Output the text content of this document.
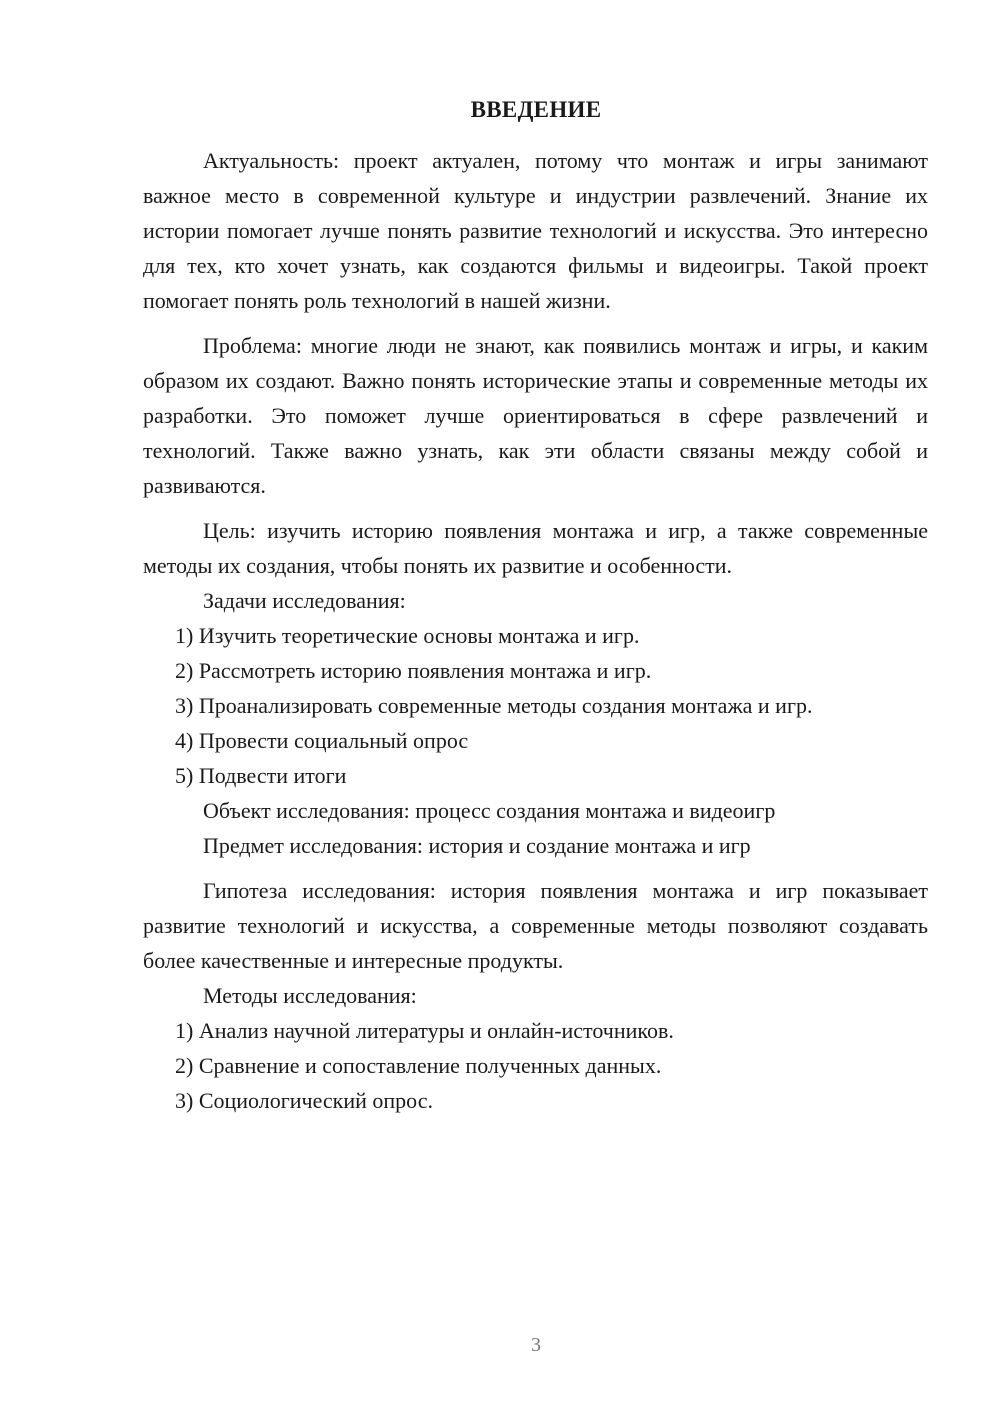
ВВЕДЕНИЕ

Актуальность: проект актуален, потому что монтаж и игры занимают важное место в современной культуре и индустрии развлечений. Знание их истории помогает лучше понять развитие технологий и искусства. Это интересно для тех, кто хочет узнать, как создаются фильмы и видеоигры. Такой проект помогает понять роль технологий в нашей жизни.

Проблема: многие люди не знают, как появились монтаж и игры, и каким образом их создают. Важно понять исторические этапы и современные методы их разработки. Это поможет лучше ориентироваться в сфере развлечений и технологий. Также важно узнать, как эти области связаны между собой и развиваются.

Цель: изучить историю появления монтажа и игр, а также современные методы их создания, чтобы понять их развитие и особенности.

Задачи исследования:

1) Изучить теоретические основы монтажа и игр.

2) Рассмотреть историю появления монтажа и игр.

3) Проанализировать современные методы создания монтажа и игр.

4) Провести социальный опрос

5) Подвести итоги

Объект исследования: процесс создания монтажа и видеоигр

Предмет исследования: история и создание монтажа и игр

Гипотеза исследования: история появления монтажа и игр показывает развитие технологий и искусства, а современные методы позволяют создавать более качественные и интересные продукты.

Методы исследования:

1) Анализ научной литературы и онлайн-источников.

2) Сравнение и сопоставление полученных данных.

3) Социологический опрос.

3
